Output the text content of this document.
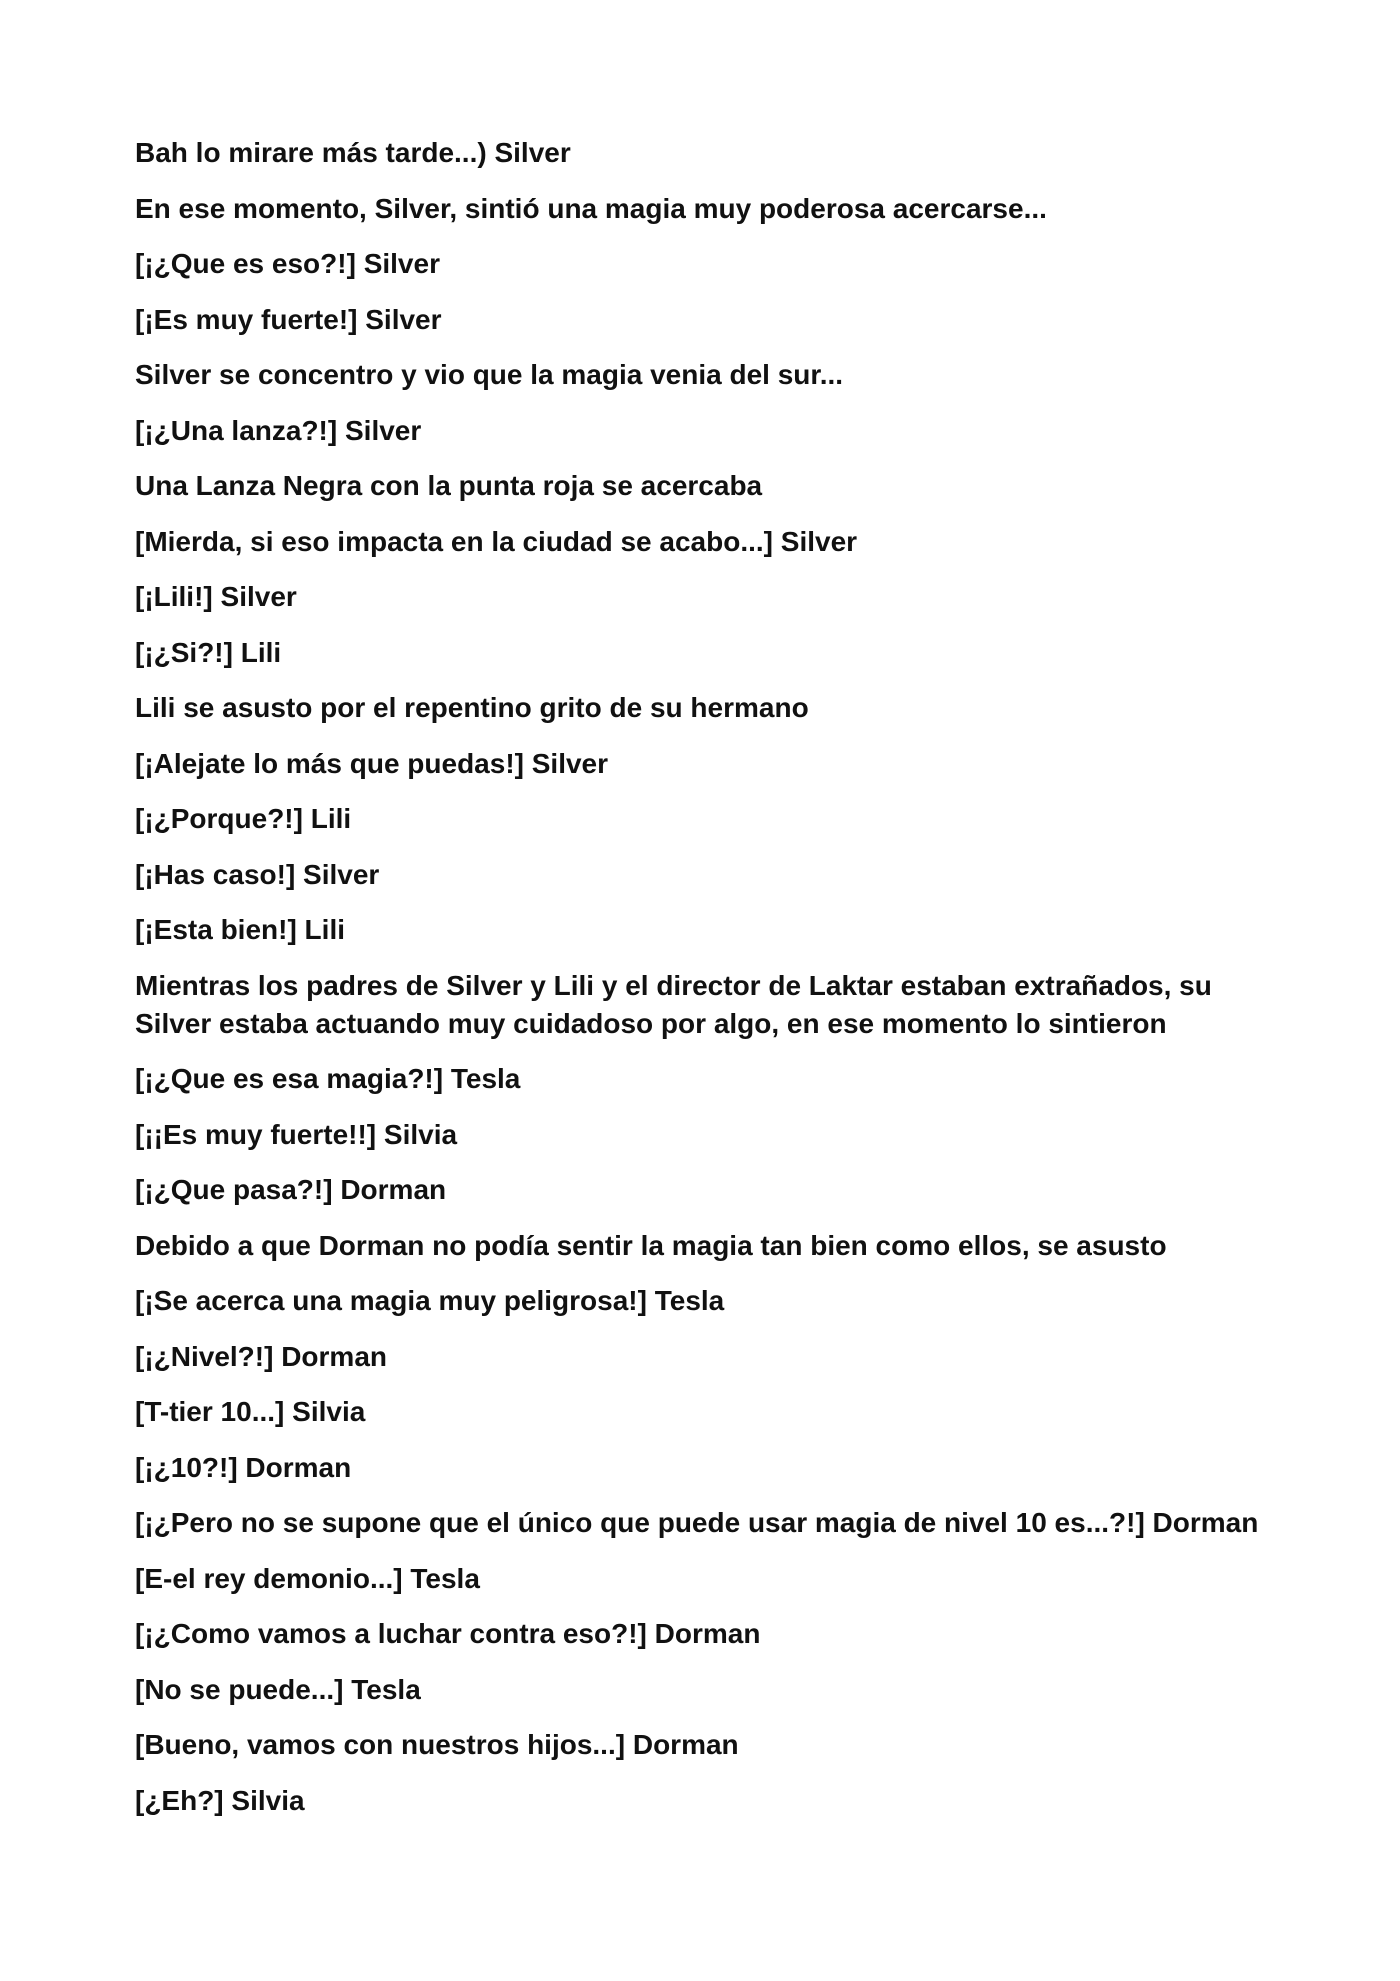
Bah lo mirare más tarde...) Silver

En ese momento, Silver, sintió una magia muy poderosa acercarse...

[¡¿Que es eso?!] Silver

[¡Es muy fuerte!] Silver

Silver se concentro y vio que la magia venia del sur...

[¡¿Una lanza?!] Silver

Una Lanza Negra con la punta roja se acercaba

[Mierda, si eso impacta en la ciudad se acabo...] Silver

[¡Lili!] Silver

[¡¿Si?!] Lili

Lili se asusto por el repentino grito de su hermano

[¡Alejate lo más que puedas!] Silver

[¡¿Porque?!] Lili

[¡Has caso!] Silver

[¡Esta bien!] Lili

Mientras los padres de Silver y Lili y el director de Laktar estaban extrañados, su Silver estaba actuando muy cuidadoso por algo, en ese momento lo sintieron

[¡¿Que es esa magia?!] Tesla

[¡¡Es muy fuerte!!] Silvia

[¡¿Que pasa?!] Dorman

Debido a que Dorman no podía sentir la magia tan bien como ellos, se asusto

[¡Se acerca una magia muy peligrosa!] Tesla

[¡¿Nivel?!] Dorman

[T-tier 10...] Silvia

[¡¿10?!] Dorman

[¡¿Pero no se supone que el único que puede usar magia de nivel 10 es...?!] Dorman

[E-el rey demonio...] Tesla

[¡¿Como vamos a luchar contra eso?!] Dorman

[No se puede...] Tesla

[Bueno, vamos con nuestros hijos...] Dorman

[¿Eh?] Silvia
